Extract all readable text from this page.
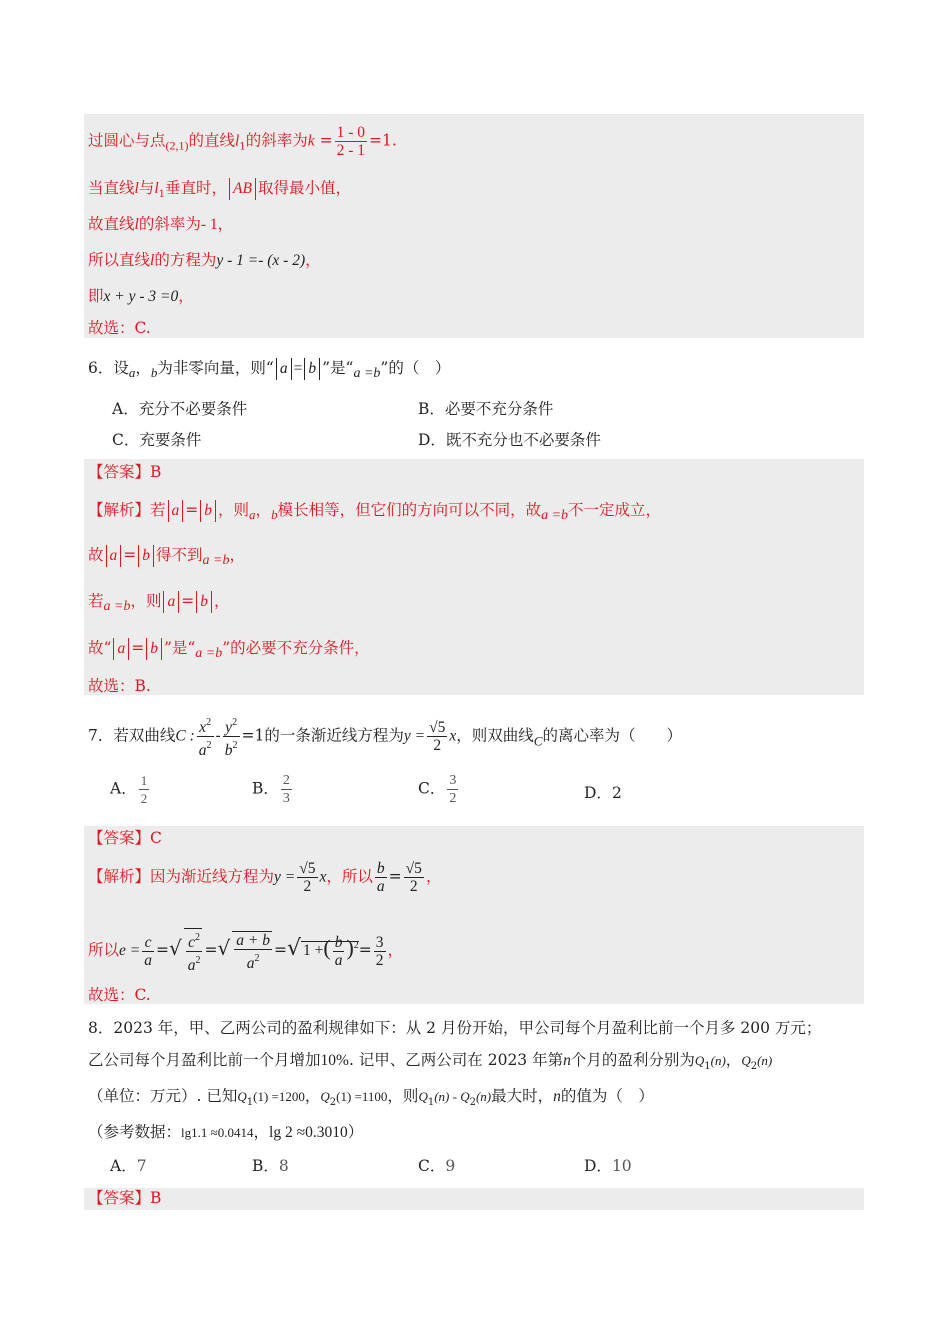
过圆心与点$_{(2,1)}$的直线$l_1$的斜率为$k = \frac{1 - 0}{2 - 1} =1$.
当直线l与$l_1$垂直时， AB 取得最小值，
故直线l的斜率为- 1，
所以直线l的方程为y - 1 =- (x - 2)，
即x + y - 3 =0，
故选：C.
6．设$_a$，$_b$为非零向量，则“ a = b ”是“a =b”的（　）
A．充分不必要条件	B．必要不充分条件
C．充要条件	D．既不充分也不必要条件
【答案】B
【解析】若 a = b ，则$_a$，$_b$模长相等，但它们的方向可以不同，故a =b不一定成立，
故 a = b 得不到a =b，
若a =b，则 a = b ，
故“ a = b ”是“a =b”的必要不充分条件，
故选：B.
7．若双曲线C : $\frac{x^2}{a^2} - \frac{y^2}{b^2} =1$的一条渐近线方程为$y = \frac{√5}{2}$ x，则双曲线$_C$的离心率为（　　）
A． $\frac{1}{2}$	B． $\frac{2}{3}$	C． $\frac{3}{2}$	D．2
【答案】C
【解析】因为渐近线方程为$y = \frac{√5}{2}$ x，所以 $\frac{b}{a} = \frac{√5}{2}$ ，
所以$e = \frac{c}{a}$ =√ $\frac{c^2}{a^2}$ =√ $\frac{a + b}{a^2}$ =√ 1 +( $\frac{b}{a} )^2= \frac{3}{2}$ ，
故选：C.
8．2023 年，甲、乙两公司的盈利规律如下：从 2 月份开始，甲公司每个月盈利比前一个月多 200 万元；
乙公司每个月盈利比前一个月增加10%. 记甲、乙两公司在 2023 年第n个月的盈利分别为$Q_1(n)$，$Q_2(n)$
（单位：万元）. 已知$Q_1(1) =1200$，$Q_2(1) =1100$，则$Q_1(n) - Q_2(n)$最大时，n的值为（　）
（参考数据：lg1.1 ≈0.0414，lg 2 ≈0.3010）
A．7	B．8	C．9	D．10
【答案】B
